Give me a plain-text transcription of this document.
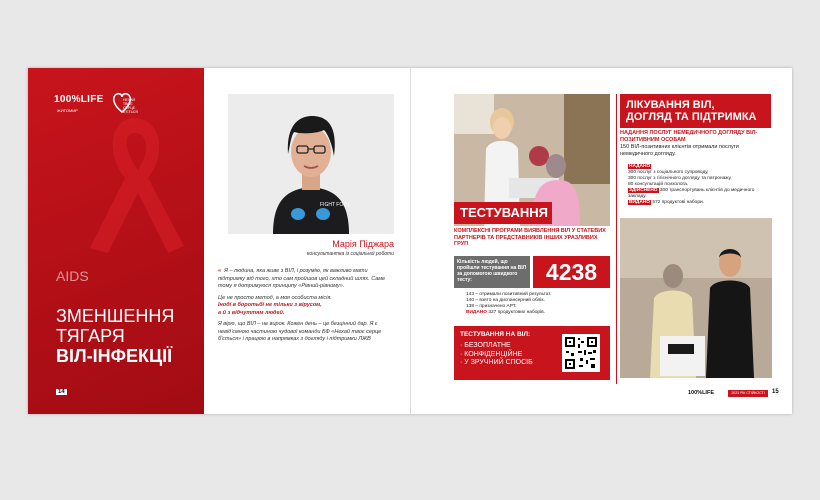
100%LIFE
ЖИТОМИР
НЕХАЙ ТВОЄ СЕРЦЕ Б'ЄТЬСЯ
AIDS
ЗМЕНШЕННЯ
ТЯГАРЯ
ВІЛ-ІНФЕКЦІЇ
14
FIGHT FOR L
Марія Піджара
консультантка із соціальної роботи

« Я – людина, яка живе з ВІЛ, і розумію, як важливо мати підтримку від того, хто сам пройшов цей складний шлях. Саме тому я дотримуюся принципу «Рівний-рівному».

Це не просто метод, а моя особиста місія.
Іноді в боротьбі не тільки з вірусом,
а й з відчуттям людей.

Я вірю, що ВІЛ – не вирок. Кожен день – це безцінний дар. Я є невід'ємною частиною чудової команди БФ «Нехай твоє серце б'ється» і працюю в напрямках з догляду і підтримки ЛЖВ

ТЕСТУВАННЯ
КОМПЛЕКСНІ ПРОГРАМИ ВИЯВЛЕННЯ ВІЛ У СТАТЕВИХ ПАРТНЕРІВ ТА ПРЕДСТАВНИКІВ ІНШИХ УРАЗЛИВИХ ГРУП
Кількість людей, що пройшли тестування на ВІЛ за допомогою швидкого тесту:	4238
143 – отримали позитивний результат.
140 – взято на диспансерний облік.
138 – призначено АРТ.
ВИДАНО 327 продуктових наборів.
ТЕСТУВАННЯ НА ВІЛ:
· БЕЗОПЛАТНЕ
· КОНФІДЕНЦІЙНЕ
· У ЗРУЧНИЙ СПОСІБ
ЛІКУВАННЯ ВІЛ,
ДОГЛЯД ТА ПІДТРИМКА
НАДАННЯ ПОСЛУГ НЕМЕДИЧНОГО ДОГЛЯДУ ВІЛ-ПОЗИТИВНИМ ОСОБАМ
150 ВІЛ-позитивних клієнтів отримали послуги немедичного догляду.
НАДАНО
300 послуг з соціального супроводу,
300 послуг з гігієнічного догляду та патронажу,
80 консультацій психолога.
ЗДІЙСНЕНО 300 транспортувань клієнтів до медичного закладу.
ВИДАНО 572 продуктові набори.
100%LIFE	2023 РІК СТІЙКОСТІ	15
